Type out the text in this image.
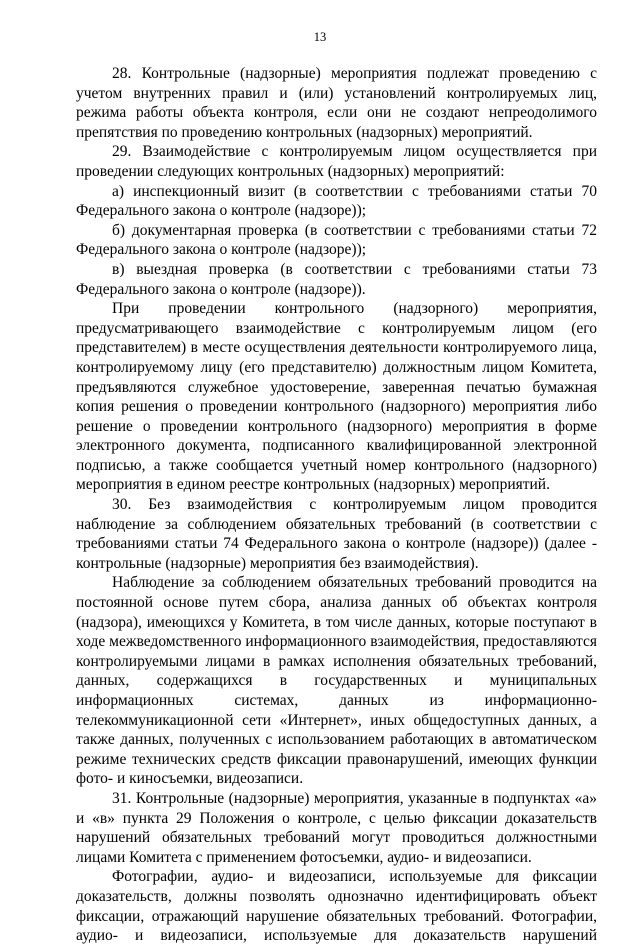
13

28. Контрольные (надзорные) мероприятия подлежат проведению с учетом внутренних правил и (или) установлений контролируемых лиц, режима работы объекта контроля, если они не создают непреодолимого препятствия по проведению контрольных (надзорных) мероприятий.

29. Взаимодействие с контролируемым лицом осуществляется при проведении следующих контрольных (надзорных) мероприятий:

а) инспекционный визит (в соответствии с требованиями статьи 70 Федерального закона о контроле (надзоре));

б) документарная проверка (в соответствии с требованиями статьи 72 Федерального закона о контроле (надзоре));

в) выездная проверка (в соответствии с требованиями статьи 73 Федерального закона о контроле (надзоре)).

При проведении контрольного (надзорного) мероприятия, предусматривающего взаимодействие с контролируемым лицом (его представителем) в месте осуществления деятельности контролируемого лица, контролируемому лицу (его представителю) должностным лицом Комитета, предъявляются служебное удостоверение, заверенная печатью бумажная копия решения о проведении контрольного (надзорного) мероприятия либо решение о проведении контрольного (надзорного) мероприятия в форме электронного документа, подписанного квалифицированной электронной подписью, а также сообщается учетный номер контрольного (надзорного) мероприятия в едином реестре контрольных (надзорных) мероприятий.

30. Без взаимодействия с контролируемым лицом проводится наблюдение за соблюдением обязательных требований (в соответствии с требованиями статьи 74 Федерального закона о контроле (надзоре)) (далее - контрольные (надзорные) мероприятия без взаимодействия).

Наблюдение за соблюдением обязательных требований проводится на постоянной основе путем сбора, анализа данных об объектах контроля (надзора), имеющихся у Комитета, в том числе данных, которые поступают в ходе межведомственного информационного взаимодействия, предоставляются контролируемыми лицами в рамках исполнения обязательных требований, данных, содержащихся в государственных и муниципальных информационных системах, данных из информационно-телекоммуникационной сети «Интернет», иных общедоступных данных, а также данных, полученных с использованием работающих в автоматическом режиме технических средств фиксации правонарушений, имеющих функции фото- и киносъемки, видеозаписи.

31. Контрольные (надзорные) мероприятия, указанные в подпунктах «а» и «в» пункта 29 Положения о контроле, с целью фиксации доказательств нарушений обязательных требований могут проводиться должностными лицами Комитета с применением фотосъемки, аудио- и видеозаписи.

Фотографии, аудио- и видеозаписи, используемые для фиксации доказательств, должны позволять однозначно идентифицировать объект фиксации, отражающий нарушение обязательных требований. Фотографии, аудио- и видеозаписи, используемые для доказательств нарушений
